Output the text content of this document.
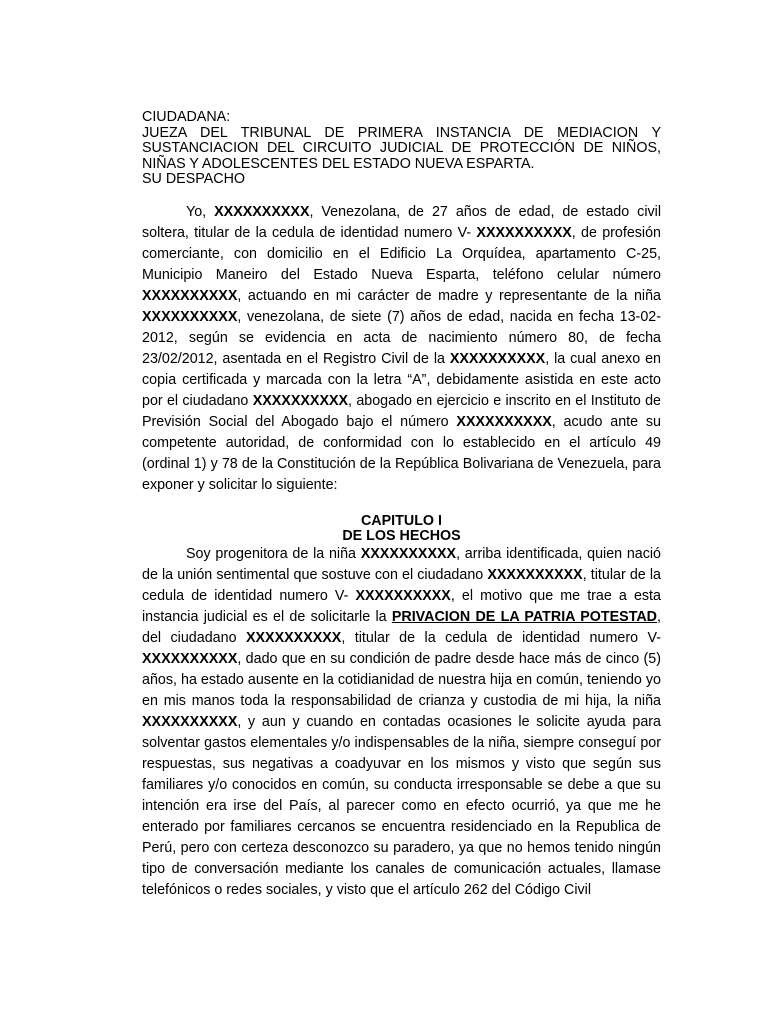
CIUDADANA:
JUEZA DEL TRIBUNAL DE PRIMERA INSTANCIA DE MEDIACION Y
SUSTANCIACION DEL CIRCUITO JUDICIAL DE PROTECCIÓN DE NIÑOS,
NIÑAS Y ADOLESCENTES DEL ESTADO NUEVA ESPARTA.
SU DESPACHO

Yo, XXXXXXXXXX, Venezolana, de 27 años de edad, de estado civil soltera, titular de la cedula de identidad numero V- XXXXXXXXXX, de profesión comerciante, con domicilio en el Edificio La Orquídea, apartamento C-25, Municipio Maneiro del Estado Nueva Esparta, teléfono celular número XXXXXXXXXX, actuando en mi carácter de madre y representante de la niña XXXXXXXXXX, venezolana, de siete (7) años de edad, nacida en fecha 13-02-2012, según se evidencia en acta de nacimiento número 80, de fecha 23/02/2012, asentada en el Registro Civil de la XXXXXXXXXX, la cual anexo en copia certificada y marcada con la letra “A”, debidamente asistida en este acto por el ciudadano XXXXXXXXXX, abogado en ejercicio e inscrito en el Instituto de Previsión Social del Abogado bajo el número XXXXXXXXXX, acudo ante su competente autoridad, de conformidad con lo establecido en el artículo 49 (ordinal 1) y 78 de la Constitución de la República Bolivariana de Venezuela, para exponer y solicitar lo siguiente:

CAPITULO I
DE LOS HECHOS

Soy progenitora de la niña XXXXXXXXXX, arriba identificada, quien nació de la unión sentimental que sostuve con el ciudadano XXXXXXXXXX, titular de la cedula de identidad numero V- XXXXXXXXXX, el motivo que me trae a esta instancia judicial es el de solicitarle la PRIVACION DE LA PATRIA POTESTAD, del ciudadano XXXXXXXXXX, titular de la cedula de identidad numero V- XXXXXXXXXX, dado que en su condición de padre desde hace más de cinco (5) años, ha estado ausente en la cotidianidad de nuestra hija en común, teniendo yo en mis manos toda la responsabilidad de crianza y custodia de mi hija, la niña XXXXXXXXXX, y aun y cuando en contadas ocasiones le solicite ayuda para solventar gastos elementales y/o indispensables de la niña, siempre conseguí por respuestas, sus negativas a coadyuvar en los mismos y visto que según sus familiares y/o conocidos en común, su conducta irresponsable se debe a que su intención era irse del País, al parecer como en efecto ocurrió, ya que me he enterado por familiares cercanos se encuentra residenciado en la Republica de Perú, pero con certeza desconozco su paradero, ya que no hemos tenido ningún tipo de conversación mediante los canales de comunicación actuales, llamase telefónicos o redes sociales, y visto que el artículo 262 del Código Civil
